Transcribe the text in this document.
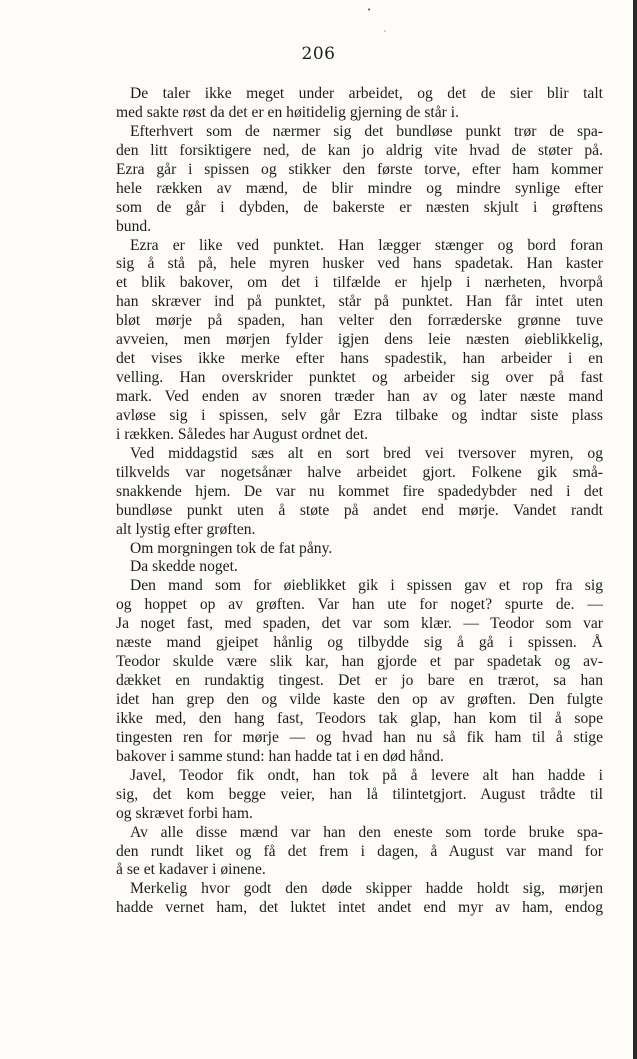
•
ʹ
206
De taler ikke meget under arbeidet, og det de sier blir talt
med sakte røst da det er en høitidelig gjerning de står i.
Efterhvert som de nærmer sig det bundløse punkt trør de spa-
den litt forsiktigere ned, de kan jo aldrig vite hvad de støter på.
Ezra går i spissen og stikker den første torve, efter ham kommer
hele rækken av mænd, de blir mindre og mindre synlige efter
som de går i dybden, de bakerste er næsten skjult i grøftens
bund.
Ezra er like ved punktet. Han lægger stænger og bord foran
sig å stå på, hele myren husker ved hans spadetak. Han kaster
et blik bakover, om det i tilfælde er hjelp i nærheten, hvorpå
han skræver ind på punktet, står på punktet. Han får intet uten
bløt mørje på spaden, han velter den forræderske grønne tuve
avveien, men mørjen fylder igjen dens leie næsten øieblikkelig,
det vises ikke merke efter hans spadestik, han arbeider i en
velling. Han overskrider punktet og arbeider sig over på fast
mark. Ved enden av snoren træder han av og later næste mand
avløse sig i spissen, selv går Ezra tilbake og indtar siste plass
i rækken. Således har August ordnet det.
Ved middagstid sæs alt en sort bred vei tversover myren, og
tilkvelds var nogetsånær halve arbeidet gjort. Folkene gik små-
snakkende hjem. De var nu kommet fire spadedybder ned i det
bundløse punkt uten å støte på andet end mørje. Vandet randt
alt lystig efter grøften.
Om morgningen tok de fat påny.
Da skedde noget.
Den mand som for øieblikket gik i spissen gav et rop fra sig
og hoppet op av grøften. Var han ute for noget? spurte de. —
Ja noget fast, med spaden, det var som klær. — Teodor som var
næste mand gjeipet hånlig og tilbydde sig å gå i spissen. Å
Teodor skulde være slik kar, han gjorde et par spadetak og av-
dækket en rundaktig tingest. Det er jo bare en trærot, sa han
idet han grep den og vilde kaste den op av grøften. Den fulgte
ikke med, den hang fast, Teodors tak glap, han kom til å sope
tingesten ren for mørje — og hvad han nu så fik ham til å stige
bakover i samme stund: han hadde tat i en død hånd.
Javel, Teodor fik ondt, han tok på å levere alt han hadde i
sig, det kom begge veier, han lå tilintetgjort. August trådte til
og skrævet forbi ham.
Av alle disse mænd var han den eneste som torde bruke spa-
den rundt liket og få det frem i dagen, å August var mand for
å se et kadaver i øinene.
Merkelig hvor godt den døde skipper hadde holdt sig, mørjen
hadde vernet ham, det luktet intet andet end myr av ham, endog
